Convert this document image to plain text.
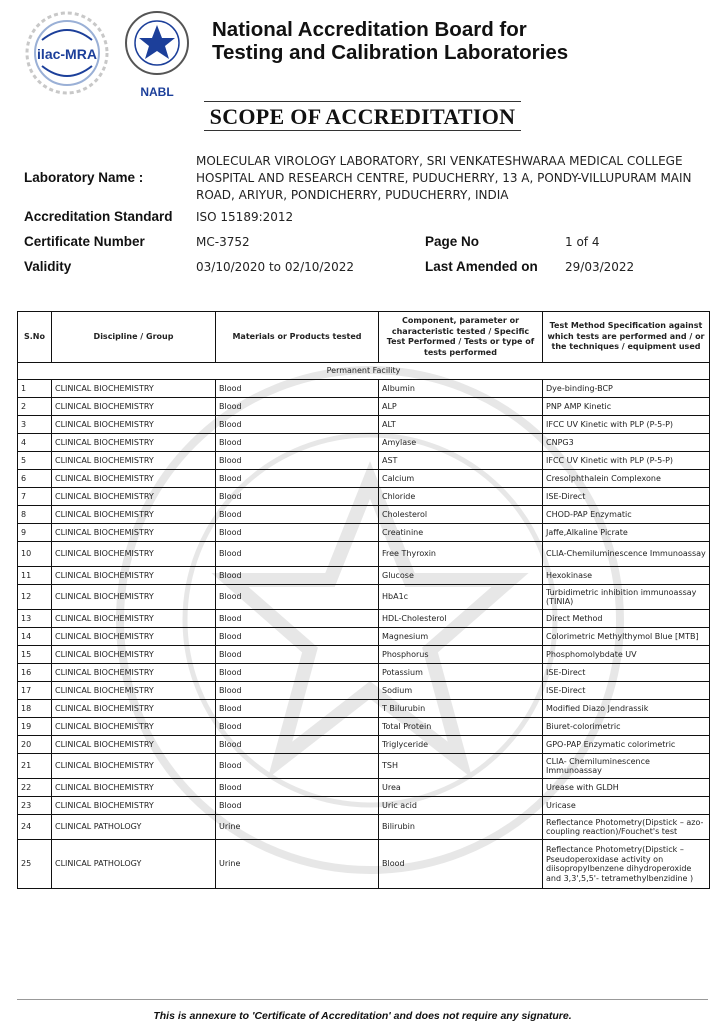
ilac-MRA
NABL
National Accreditation Board for
Testing and Calibration Laboratories
SCOPE OF ACCREDITATION
Laboratory Name :
MOLECULAR VIROLOGY LABORATORY, SRI VENKATESHWARAA MEDICAL COLLEGE
HOSPITAL AND RESEARCH CENTRE, PUDUCHERRY, 13 A, PONDY-VILLUPURAM MAIN
ROAD, ARIYUR, PONDICHERRY, PUDUCHERRY, INDIA
Accreditation Standard ISO 15189:2012
Certificate Number	MC-3752	Page No	1 of 4
Validity	03/10/2020 to 02/10/2022	Last Amended on 29/03/2022
S.No	Discipline / Group	Materials or Products tested	Component, parameter or characteristic tested / Specific Test Performed / Tests or type of tests performed	Test Method Specification against which tests are performed and / or the techniques / equipment used
Permanent Facility				
1	CLINICAL BIOCHEMISTRY	Blood	Albumin	Dye-binding-BCP
2	CLINICAL BIOCHEMISTRY	Blood	ALP	PNP AMP Kinetic
3	CLINICAL BIOCHEMISTRY	Blood	ALT	IFCC UV Kinetic with PLP (P-5-P)
4	CLINICAL BIOCHEMISTRY	Blood	Amylase	CNPG3
5	CLINICAL BIOCHEMISTRY	Blood	AST	IFCC UV Kinetic with PLP (P-5-P)
6	CLINICAL BIOCHEMISTRY	Blood	Calcium	Cresolphthalein Complexone
7	CLINICAL BIOCHEMISTRY	Blood	Chloride	ISE-Direct
8	CLINICAL BIOCHEMISTRY	Blood	Cholesterol	CHOD-PAP Enzymatic
9	CLINICAL BIOCHEMISTRY	Blood	Creatinine	Jaffe,Alkaline Picrate
10	CLINICAL BIOCHEMISTRY	Blood	Free Thyroxin	CLIA-Chemiluminescence Immunoassay
11	CLINICAL BIOCHEMISTRY	Blood	Glucose	Hexokinase
12	CLINICAL BIOCHEMISTRY	Blood	HbA1c	Turbidimetric inhibition immunoassay (TINIA)
13	CLINICAL BIOCHEMISTRY	Blood	HDL-Cholesterol	Direct Method
14	CLINICAL BIOCHEMISTRY	Blood	Magnesium	Colorimetric Methylthymol Blue [MTB]
15	CLINICAL BIOCHEMISTRY	Blood	Phosphorus	Phosphomolybdate UV
16	CLINICAL BIOCHEMISTRY	Blood	Potassium	ISE-Direct
17	CLINICAL BIOCHEMISTRY	Blood	Sodium	ISE-Direct
18	CLINICAL BIOCHEMISTRY	Blood	T Bilurubin	Modified Diazo Jendrassik
19	CLINICAL BIOCHEMISTRY	Blood	Total Protein	Biuret-colorimetric
20	CLINICAL BIOCHEMISTRY	Blood	Triglyceride	GPO-PAP Enzymatic colorimetric
21	CLINICAL BIOCHEMISTRY	Blood	TSH	CLIA- Chemiluminescence Immunoassay
22	CLINICAL BIOCHEMISTRY	Blood	Urea	Urease with GLDH
23	CLINICAL BIOCHEMISTRY	Blood	Uric acid	Uricase
24	CLINICAL PATHOLOGY	Urine	Bilirubin	Reflectance Photometry(Dipstick – azo-coupling reaction)/Fouchet's test
25	CLINICAL PATHOLOGY	Urine	Blood	Reflectance Photometry(Dipstick – Pseudoperoxidase activity on diisopropylbenzene dihydroperoxide and 3,3',5,5'- tetramethylbenzidine )
This is annexure to 'Certificate of Accreditation' and does not require any signature.
